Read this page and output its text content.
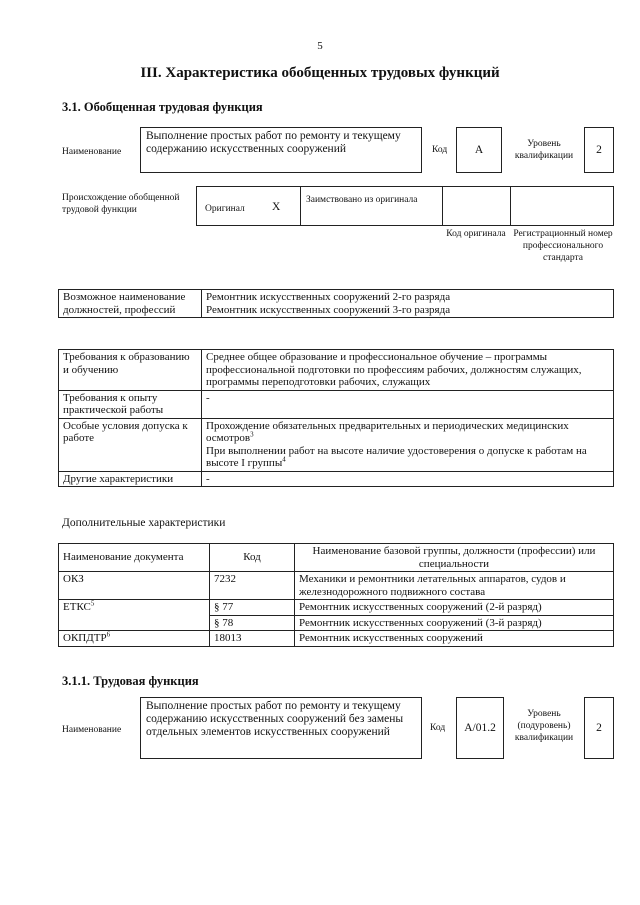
5
III. Характеристика обобщенных трудовых функций
3.1. Обобщенная трудовая функция
Наименование
Выполнение простых работ по ремонту и текущему содержанию искусственных сооружений	Код	А	Уровень квалификации	2
Происхождение обобщенной трудовой функции	Оригинал X
Заимствовано из оригинала
Код оригинала Регистрационный номер профессионального стандарта
Возможное наименование должностей, профессий	
Ремонтник искусственных сооружений 2-го разряда
Ремонтник искусственных сооружений 3-го разряда
Требования к образованию и обучению	Среднее общее образование и профессиональное обучение – программы профессиональной подготовки по профессиям рабочих, должностям служащих, программы переподготовки рабочих, служащих
Требования к опыту практической работы	-
Особые условия допуска к работе	Прохождение обязательных предварительных и периодических медицинских осмотров$^3$
При выполнении работ на высоте наличие удостоверения о допуске к работам на высоте I группы$^4$

Другие характеристики	-
Дополнительные характеристики
Наименование документа	Код	Наименование базовой группы, должности (профессии) или специальности
ОКЗ	7232	Механики и ремонтники летательных аппаратов, судов и железнодорожного подвижного состава
ЕТКС$^5$	§ 77	Ремонтник искусственных сооружений (2-й разряд)
	§ 78	Ремонтник искусственных сооружений (3-й разряд)
ОКПДТР$^6$	18013	Ремонтник искусственных сооружений
3.1.1. Трудовая функция
Наименование
Выполнение простых работ по ремонту и текущему содержанию искусственных сооружений без замены отдельных элементов искусственных сооружений	Код	А/01.2
Уровень (подуровень) квалификации
2
